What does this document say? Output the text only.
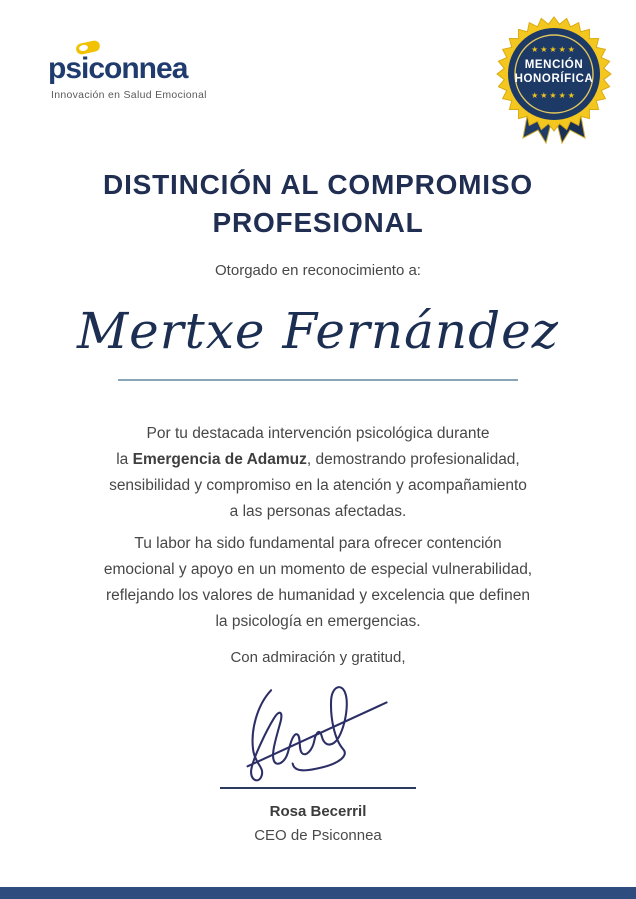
psiconnea
Innovación en Salud Emocional
★★★★★
MENCIÓN
HONORÍFICA
★★★★★
DISTINCIÓN AL COMPROMISO
PROFESIONAL
Otorgado en reconocimiento a:
Mertxe Fernández
Por tu destacada intervención psicológica durante
la Emergencia de Adamuz, demostrando profesionalidad,
sensibilidad y compromiso en la atención y acompañamiento
a las personas afectadas.
Tu labor ha sido fundamental para ofrecer contención
emocional y apoyo en un momento de especial vulnerabilidad,
reflejando los valores de humanidad y excelencia que definen
la psicología en emergencias.
Con admiración y gratitud,
Rosa Becerril
CEO de Psiconnea
